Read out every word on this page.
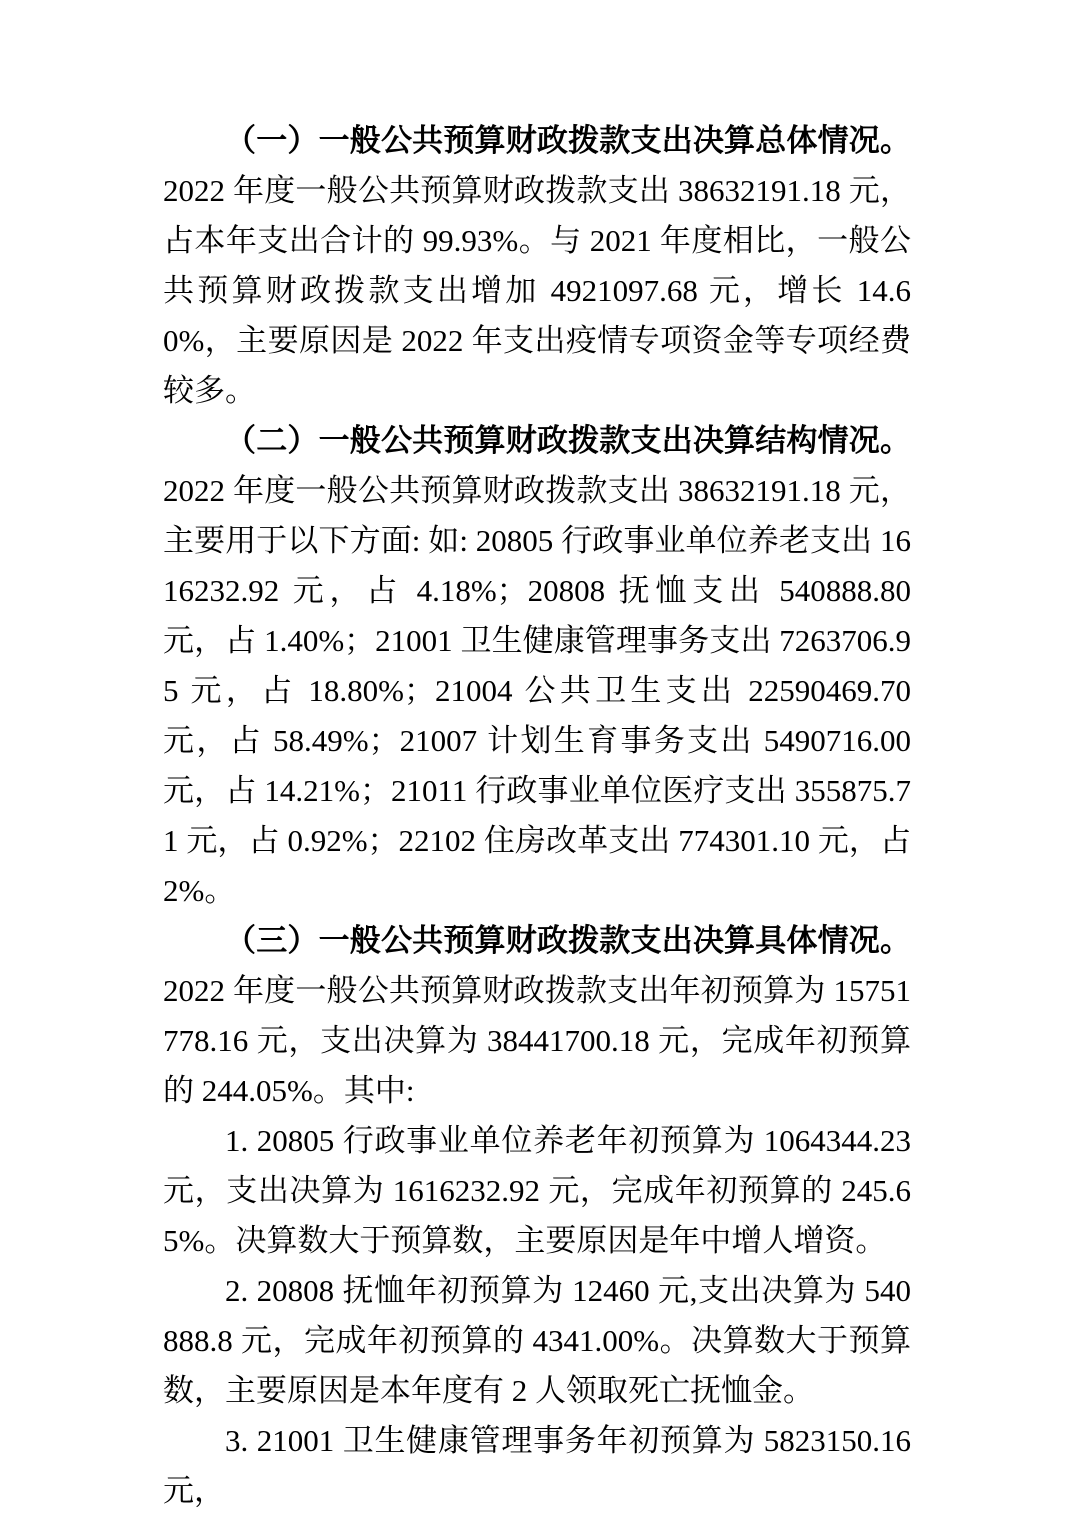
（一）一般公共预算财政拨款支出决算总体情况。2022 年度一般公共预算财政拨款支出 38632191.18 元，占本年支出合计的 99.93%。与 2021 年度相比，一般公共预算财政拨款支出增加 4921097.68 元，增长 14.60%，主要原因是 2022 年支出疫情专项资金等专项经费较多。

（二）一般公共预算财政拨款支出决算结构情况。2022 年度一般公共预算财政拨款支出 38632191.18 元，主要用于以下方面: 如: 20805 行政事业单位养老支出 1616232.92 元，占 4.18%；20808 抚恤支出 540888.80 元，占 1.40%；21001 卫生健康管理事务支出 7263706.95 元，占 18.80%；21004 公共卫生支出 22590469.70 元，占 58.49%；21007 计划生育事务支出 5490716.00 元，占 14.21%；21011 行政事业单位医疗支出 355875.71 元，占 0.92%；22102 住房改革支出 774301.10 元，占 2%。

（三）一般公共预算财政拨款支出决算具体情况。2022 年度一般公共预算财政拨款支出年初预算为 15751778.16 元，支出决算为 38441700.18 元，完成年初预算的 244.05%。其中:

1. 20805 行政事业单位养老年初预算为 1064344.23 元，支出决算为 1616232.92 元，完成年初预算的 245.65%。决算数大于预算数，主要原因是年中增人增资。

2. 20808 抚恤年初预算为 12460 元,支出决算为 540888.8 元，完成年初预算的 4341.00%。决算数大于预算数，主要原因是本年度有 2 人领取死亡抚恤金。

3. 21001 卫生健康管理事务年初预算为 5823150.16 元，
